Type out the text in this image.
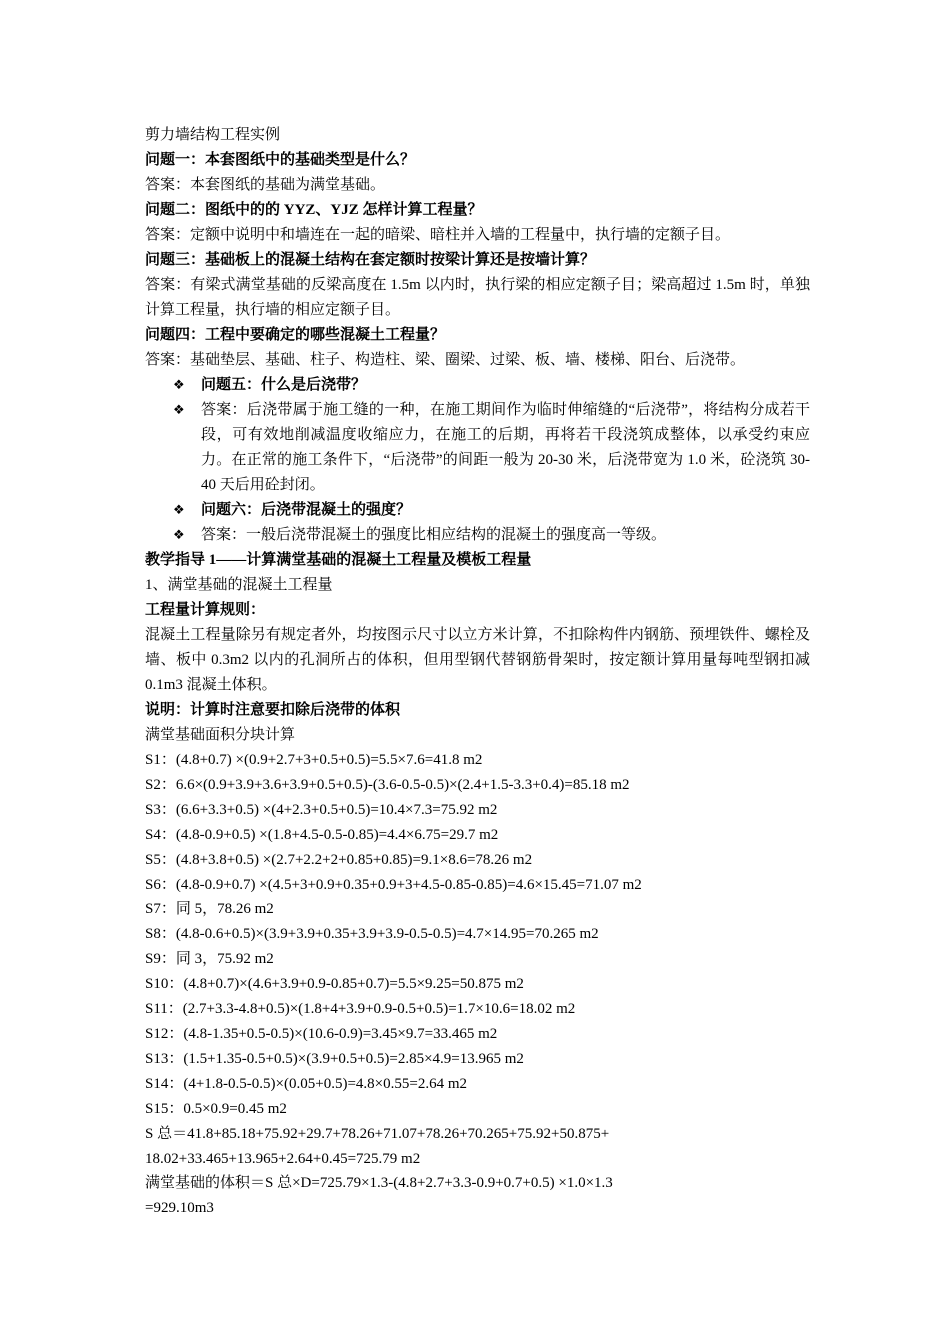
剪力墙结构工程实例

问题一：本套图纸中的基础类型是什么？

答案：本套图纸的基础为满堂基础。

问题二：图纸中的的 YYZ、YJZ 怎样计算工程量？

答案：定额中说明中和墙连在一起的暗梁、暗柱并入墙的工程量中，执行墙的定额子目。

问题三：基础板上的混凝土结构在套定额时按梁计算还是按墙计算？

答案：有梁式满堂基础的反梁高度在 1.5m 以内时，执行梁的相应定额子目；梁高超过 1.5m 时，单独计算工程量，执行墙的相应定额子目。

问题四：工程中要确定的哪些混凝土工程量？

答案：基础垫层、基础、柱子、构造柱、梁、圈梁、过梁、板、墙、楼梯、阳台、后浇带。

❖ 问题五：什么是后浇带？
❖ 答案：后浇带属于施工缝的一种，在施工期间作为临时伸缩缝的“后浇带”，将结构分成若干段，可有效地削减温度收缩应力，在施工的后期，再将若干段浇筑成整体，以承受约束应力。在正常的施工条件下，“后浇带”的间距一般为 20-30 米，后浇带宽为 1.0 米，砼浇筑 30-40 天后用砼封闭。
❖ 问题六：后浇带混凝土的强度？
❖ 答案：一般后浇带混凝土的强度比相应结构的混凝土的强度高一等级。

教学指导 1——计算满堂基础的混凝土工程量及模板工程量

1、满堂基础的混凝土工程量

工程量计算规则：

混凝土工程量除另有规定者外，均按图示尺寸以立方米计算，不扣除构件内钢筋、预埋铁件、螺栓及墙、板中 0.3m2 以内的孔洞所占的体积，但用型钢代替钢筋骨架时，按定额计算用量每吨型钢扣减 0.1m3 混凝土体积。

说明：计算时注意要扣除后浇带的体积

满堂基础面积分块计算

S1：(4.8+0.7) ×(0.9+2.7+3+0.5+0.5)=5.5×7.6=41.8 m2

S2：6.6×(0.9+3.9+3.6+3.9+0.5+0.5)-(3.6-0.5-0.5)×(2.4+1.5-3.3+0.4)=85.18 m2

S3：(6.6+3.3+0.5) ×(4+2.3+0.5+0.5)=10.4×7.3=75.92 m2

S4：(4.8-0.9+0.5) ×(1.8+4.5-0.5-0.85)=4.4×6.75=29.7 m2

S5：(4.8+3.8+0.5) ×(2.7+2.2+2+0.85+0.85)=9.1×8.6=78.26 m2

S6：(4.8-0.9+0.7) ×(4.5+3+0.9+0.35+0.9+3+4.5-0.85-0.85)=4.6×15.45=71.07 m2

S7：同 5，78.26 m2

S8：(4.8-0.6+0.5)×(3.9+3.9+0.35+3.9+3.9-0.5-0.5)=4.7×14.95=70.265 m2

S9：同 3，75.92 m2

S10：(4.8+0.7)×(4.6+3.9+0.9-0.85+0.7)=5.5×9.25=50.875 m2

S11：(2.7+3.3-4.8+0.5)×(1.8+4+3.9+0.9-0.5+0.5)=1.7×10.6=18.02 m2

S12：(4.8-1.35+0.5-0.5)×(10.6-0.9)=3.45×9.7=33.465 m2

S13：(1.5+1.35-0.5+0.5)×(3.9+0.5+0.5)=2.85×4.9=13.965 m2

S14：(4+1.8-0.5-0.5)×(0.05+0.5)=4.8×0.55=2.64 m2

S15：0.5×0.9=0.45 m2

S 总＝41.8+85.18+75.92+29.7+78.26+71.07+78.26+70.265+75.92+50.875+

18.02+33.465+13.965+2.64+0.45=725.79 m2

满堂基础的体积＝S 总×D=725.79×1.3-(4.8+2.7+3.3-0.9+0.7+0.5) ×1.0×1.3

=929.10m3
